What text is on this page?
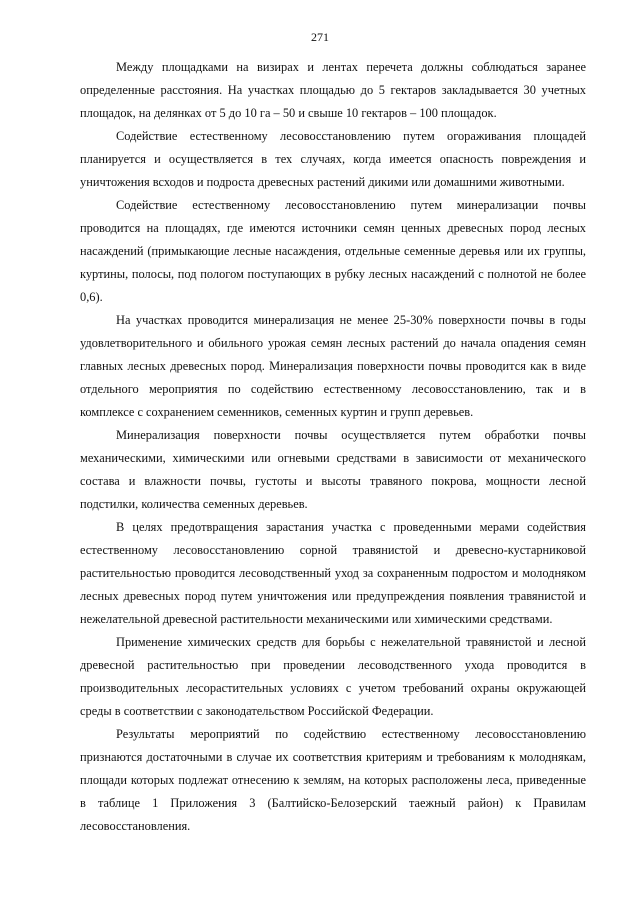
271

Между площадками на визирах и лентах перечета должны соблюдаться заранее определенные расстояния. На участках площадью до 5 гектаров закладывается 30 учетных площадок, на делянках от 5 до 10 га – 50 и свыше 10 гектаров – 100 площадок.

Содействие естественному лесовосстановлению путем огораживания площадей планируется и осуществляется в тех случаях, когда имеется опасность повреждения и уничтожения всходов и подроста древесных растений дикими или домашними животными.

Содействие естественному лесовосстановлению путем минерализации почвы проводится на площадях, где имеются источники семян ценных древесных пород лесных насаждений (примыкающие лесные насаждения, отдельные семенные деревья или их группы, куртины, полосы, под пологом поступающих в рубку лесных насаждений с полнотой не более 0,6).

На участках проводится минерализация не менее 25-30% поверхности почвы в годы удовлетворительного и обильного урожая семян лесных растений до начала опадения семян главных лесных древесных пород. Минерализация поверхности почвы проводится как в виде отдельного мероприятия по содействию естественному лесовосстановлению, так и в комплексе с сохранением семенников, семенных куртин и групп деревьев.

Минерализация поверхности почвы осуществляется путем обработки почвы механическими, химическими или огневыми средствами в зависимости от механического состава и влажности почвы, густоты и высоты травяного покрова, мощности лесной подстилки, количества семенных деревьев.

В целях предотвращения зарастания участка с проведенными мерами содействия естественному лесовосстановлению сорной травянистой и древесно-кустарниковой растительностью проводится лесоводственный уход за сохраненным подростом и молодняком лесных древесных пород путем уничтожения или предупреждения появления травянистой и нежелательной древесной растительности механическими или химическими средствами.

Применение химических средств для борьбы с нежелательной травянистой и лесной древесной растительностью при проведении лесоводственного ухода проводится в производительных лесорастительных условиях с учетом требований охраны окружающей среды в соответствии с законодательством Российской Федерации.

Результаты мероприятий по содействию естественному лесовосстановлению признаются достаточными в случае их соответствия критериям и требованиям к молоднякам, площади которых подлежат отнесению к землям, на которых расположены леса, приведенные в таблице 1 Приложения 3 (Балтийско-Белозерский таежный район) к Правилам лесовосстановления.
